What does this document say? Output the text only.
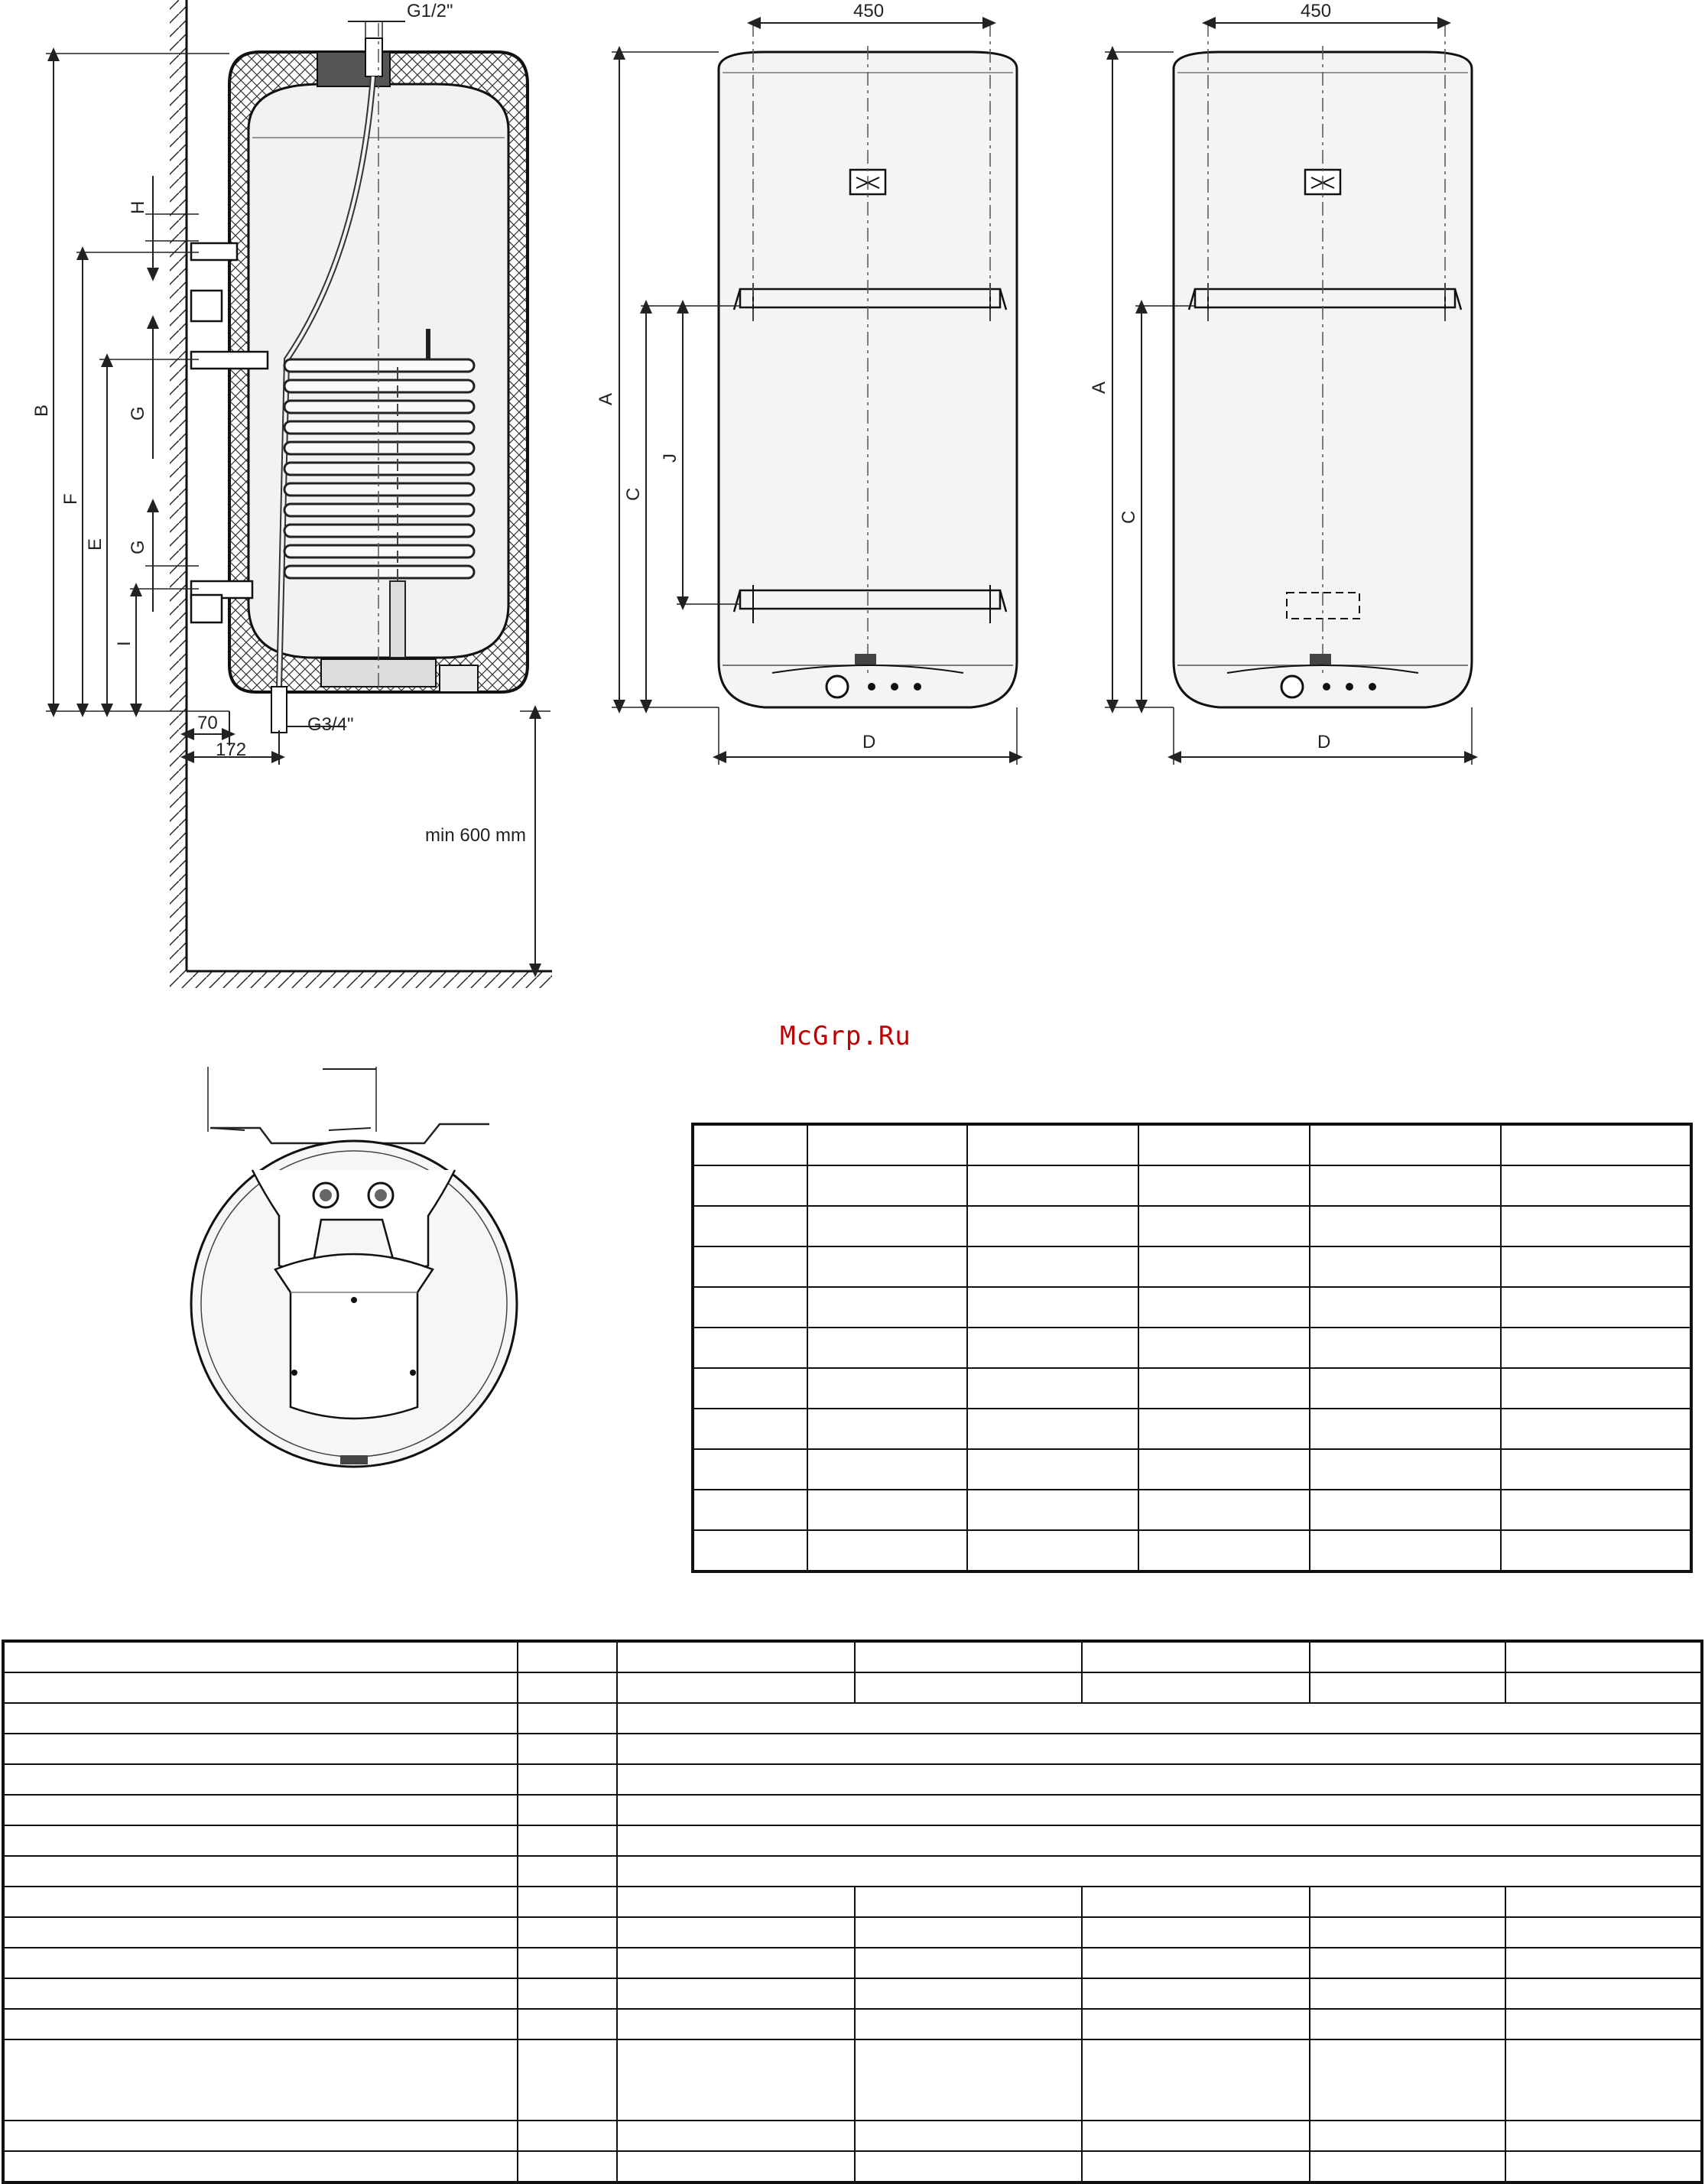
B
F
E
I
H
G
G
G1/2"
70
172
G3/4"
min 600 mm
450
D
A
C
J
450
D
A
C
McGrp.Ru
